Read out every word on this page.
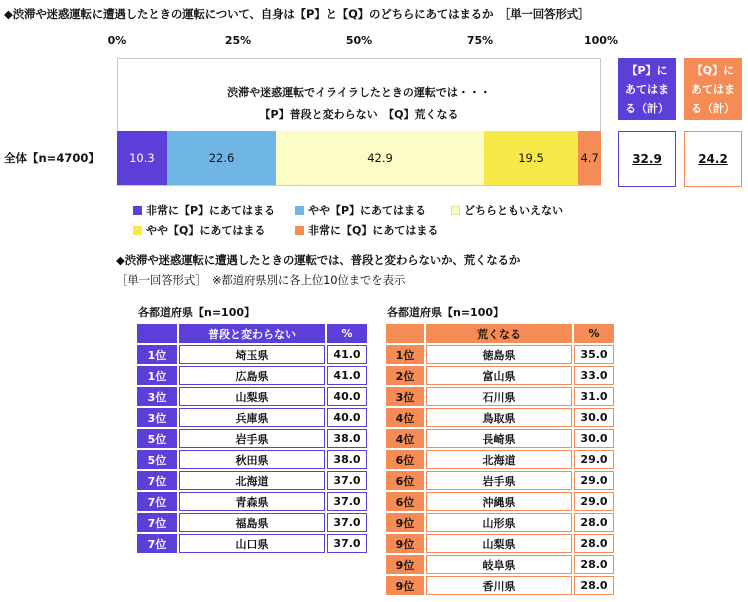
◆渋滞や迷惑運転に遭遇したときの運転について、自身は【P】と【Q】のどちらにあてはまるか　［単一回答形式］
0%	25%	50%	75%	100%
渋滞や迷惑運転でイライラしたときの運転では・・・
【P】普段と変わらない　【Q】荒くなる
全体【n=4700】	10.3	22.6	42.9	19.5	4.7
【P】にあてはまる（計）
32.9
【Q】にあてはまる（計）
24.2
非常に【P】にあてはまる	やや【P】にあてはまる	どちらともいえない
やや【Q】にあてはまる	非常に【Q】にあてはまる
◆渋滞や迷惑運転に遭遇したときの運転では、普段と変わらないか、荒くなるか
［単一回答形式］　※都道府県別に各上位10位までを表示
各都道府県【n=100】
		普段と変わらない		%
1位		埼玉県		41.0
1位		広島県		41.0
3位		山梨県		40.0
3位		兵庫県		40.0
5位		岩手県		38.0
5位		秋田県		38.0
7位		北海道		37.0
7位		青森県		37.0
7位		福島県		37.0
7位		山口県		37.0
各都道府県【n=100】
		荒くなる		%
1位		徳島県		35.0
2位		富山県		33.0
3位		石川県		31.0
4位		鳥取県		30.0
4位		長崎県		30.0
6位		北海道		29.0
6位		岩手県		29.0
6位		沖縄県		29.0
9位		山形県		28.0
9位		山梨県		28.0
9位		岐阜県		28.0
9位		香川県		28.0
